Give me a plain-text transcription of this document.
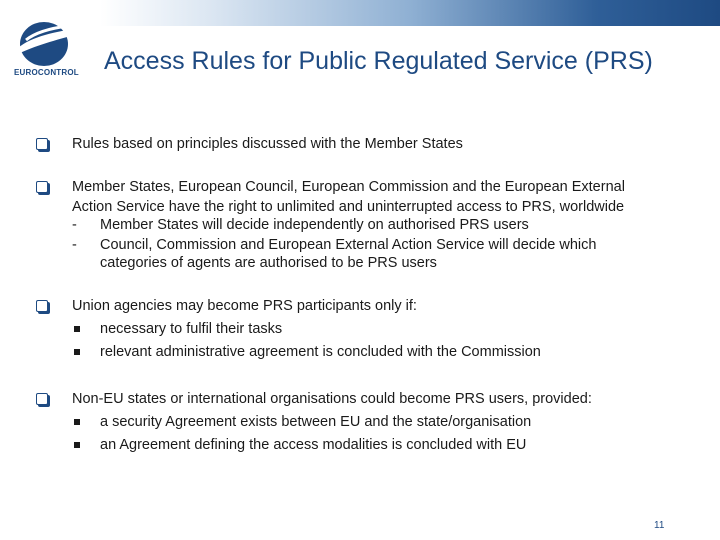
EUROCONTROL Access Rules for Public Regulated Service (PRS)
Rules based on principles discussed with the Member States
Member States, European Council, European Commission and the European External
Action Service have the right to unlimited and uninterrupted access to PRS, worldwide
-	Member States will decide independently on authorised PRS users
-	Council, Commission and European External Action Service will decide which
categories of agents are authorised to be PRS users
Union agencies may become PRS participants only if:
necessary to fulfil their tasks
relevant administrative agreement is concluded with the Commission
Non-EU states or international organisations could become PRS users, provided:
a security Agreement exists between EU and the state/organisation
an Agreement defining the access modalities is concluded with EU
11
